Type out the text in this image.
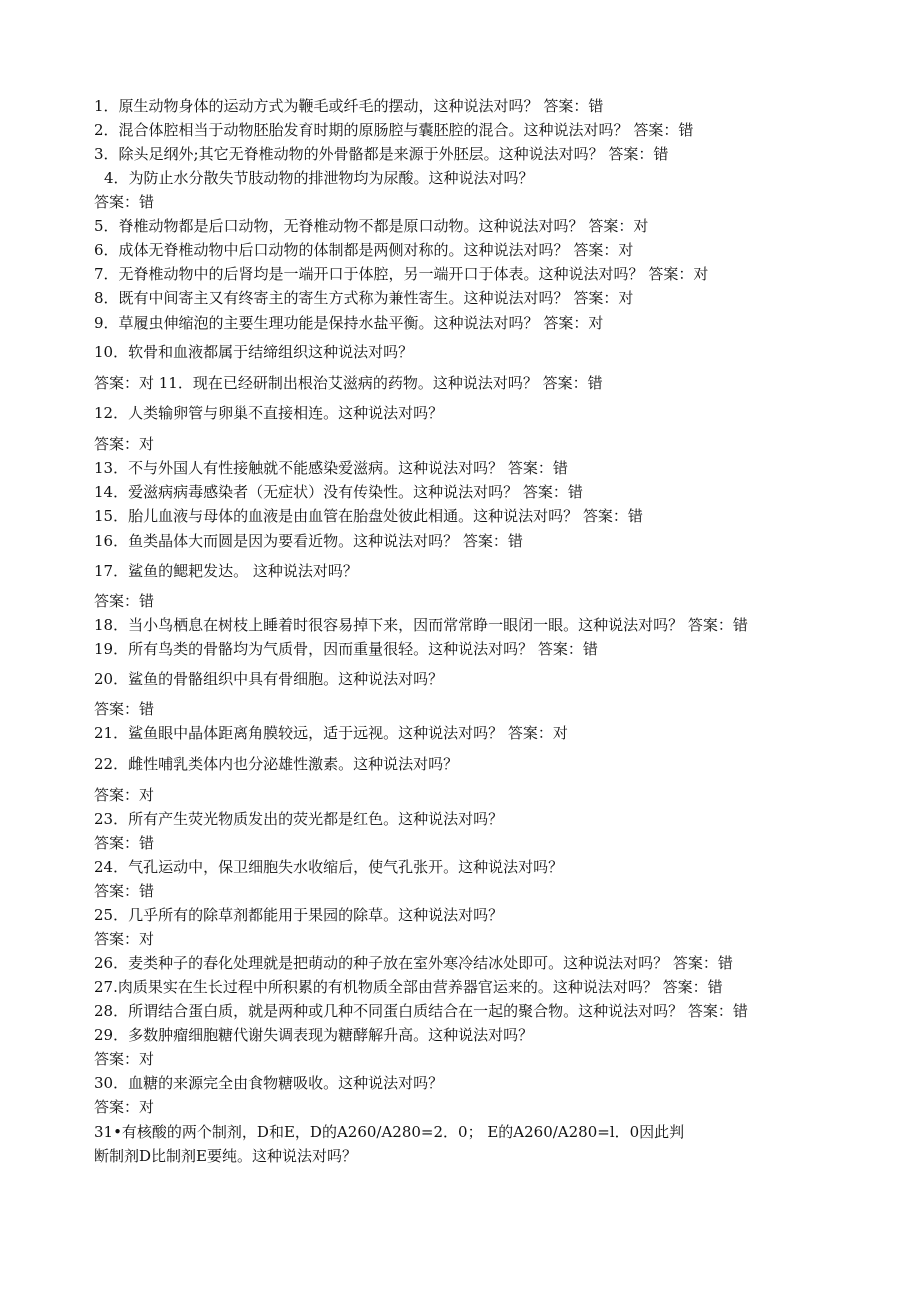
1．原生动物身体的运动方式为鞭毛或纤毛的摆动，这种说法对吗？ 答案：错
2．混合体腔相当于动物胚胎发育时期的原肠腔与囊胚腔的混合。这种说法对吗？ 答案：错
3．除头足纲外;其它无脊椎动物的外骨骼都是来源于外胚层。这种说法对吗？ 答案：错
4．为防止水分散失节肢动物的排泄物均为尿酸。这种说法对吗？
答案：错
5．脊椎动物都是后口动物，无脊椎动物不都是原口动物。这种说法对吗？ 答案：对
6．成体无脊椎动物中后口动物的体制都是两侧对称的。这种说法对吗？ 答案：对
7．无脊椎动物中的后肾均是一端开口于体腔，另一端开口于体表。这种说法对吗？ 答案：对
8．既有中间寄主又有终寄主的寄生方式称为兼性寄生。这种说法对吗？ 答案：对
9．草履虫伸缩泡的主要生理功能是保持水盐平衡。这种说法对吗？ 答案：对
10．软骨和血液都属于结缔组织这种说法对吗？
答案：对 11．现在已经研制出根治艾滋病的药物。这种说法对吗？ 答案：错
12．人类输卵管与卵巢不直接相连。这种说法对吗？
答案：对
13．不与外国人有性接触就不能感染爱滋病。这种说法对吗？ 答案：错
14．爱滋病病毒感染者（无症状）没有传染性。这种说法对吗？ 答案：错
15．胎儿血液与母体的血液是由血管在胎盘处彼此相通。这种说法对吗？ 答案：错
16．鱼类晶体大而圆是因为要看近物。这种说法对吗？ 答案：错
17．鲨鱼的鳃耙发达。 这种说法对吗？
答案：错
18．当小鸟栖息在树枝上睡着时很容易掉下来，因而常常睁一眼闭一眼。这种说法对吗？ 答案：错
19．所有鸟类的骨骼均为气质骨，因而重量很轻。这种说法对吗？ 答案：错
20．鲨鱼的骨骼组织中具有骨细胞。这种说法对吗？
答案：错
21．鲨鱼眼中晶体距离角膜较远，适于远视。这种说法对吗？ 答案：对
22．雌性哺乳类体内也分泌雄性激素。这种说法对吗？
答案：对
23．所有产生荧光物质发出的荧光都是红色。这种说法对吗？
答案：错
24．气孔运动中，保卫细胞失水收缩后，使气孔张开。这种说法对吗？
答案：错
25．几乎所有的除草剂都能用于果园的除草。这种说法对吗？
答案：对
26．麦类种子的春化处理就是把萌动的种子放在室外寒冷结冰处即可。这种说法对吗？ 答案：错
27.肉质果实在生长过程中所积累的有机物质全部由营养器官运来的。这种说法对吗？ 答案：错
28．所谓结合蛋白质，就是两种或几种不同蛋白质结合在一起的聚合物。这种说法对吗？ 答案：错
29．多数肿瘤细胞糖代谢失调表现为糖酵解升高。这种说法对吗？
答案：对
30．血糖的来源完全由食物糖吸收。这种说法对吗？
答案：对
31•有核酸的两个制剂，D和E，D的A260/A280=2．0； E的A260/A280=l．0因此判
断制剂D比制剂E要纯。这种说法对吗？
